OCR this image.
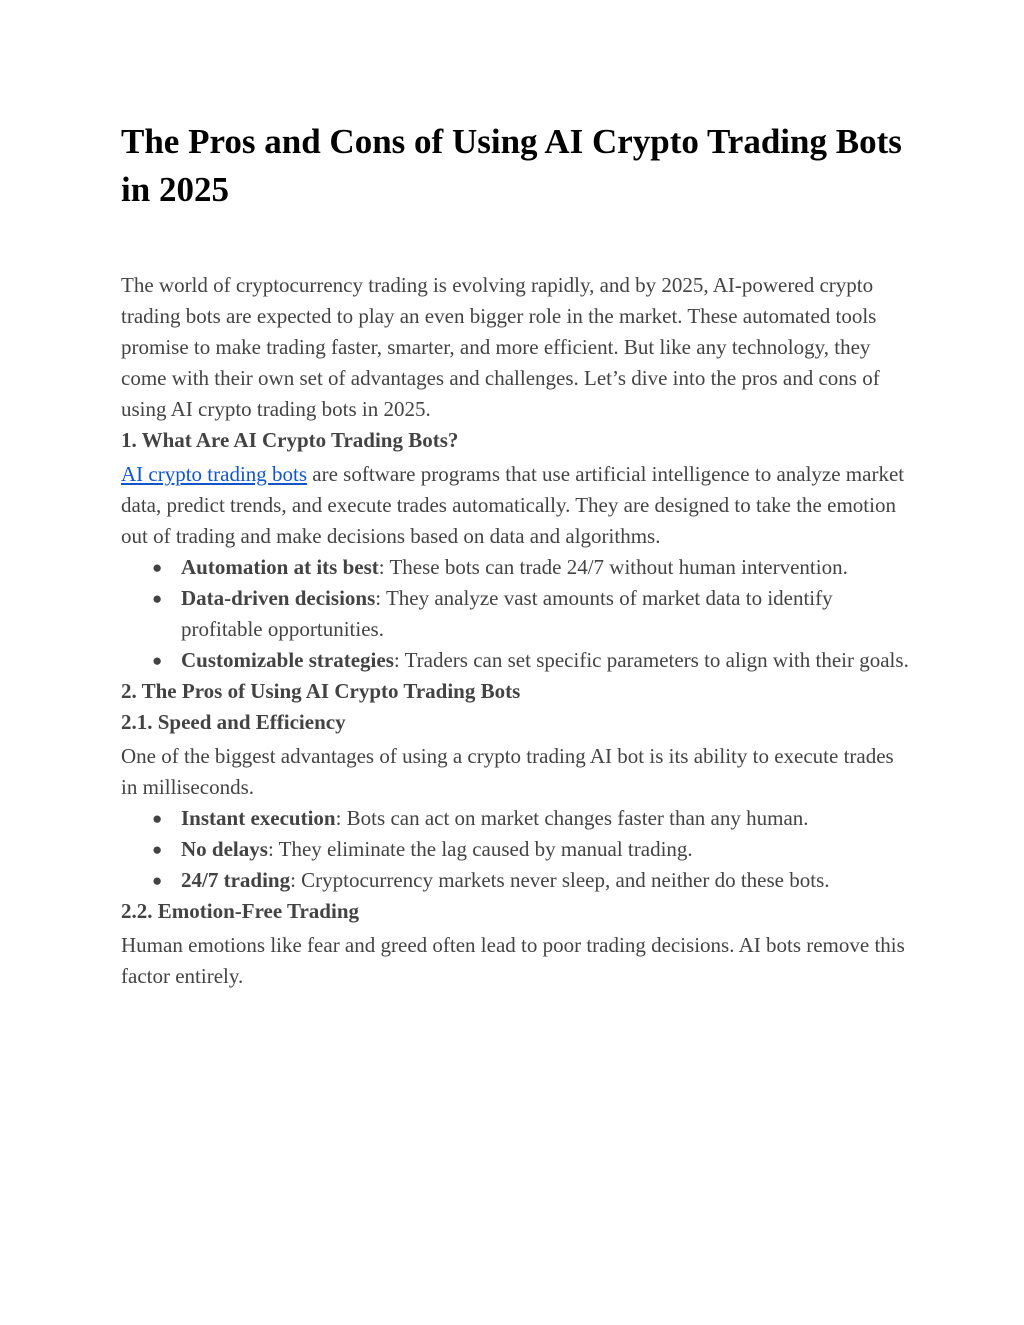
The Pros and Cons of Using AI Crypto Trading Bots in 2025

The world of cryptocurrency trading is evolving rapidly, and by 2025, AI-powered crypto trading bots are expected to play an even bigger role in the market. These automated tools promise to make trading faster, smarter, and more efficient. But like any technology, they come with their own set of advantages and challenges. Let’s dive into the pros and cons of using AI crypto trading bots in 2025.

1. What Are AI Crypto Trading Bots?

AI crypto trading bots are software programs that use artificial intelligence to analyze market data, predict trends, and execute trades automatically. They are designed to take the emotion out of trading and make decisions based on data and algorithms.

● Automation at its best: These bots can trade 24/7 without human intervention.
● Data-driven decisions: They analyze vast amounts of market data to identify profitable opportunities.
● Customizable strategies: Traders can set specific parameters to align with their goals.
2. The Pros of Using AI Crypto Trading Bots
2.1. Speed and Efficiency

One of the biggest advantages of using a crypto trading AI bot is its ability to execute trades in milliseconds.

● Instant execution: Bots can act on market changes faster than any human.
● No delays: They eliminate the lag caused by manual trading.
● 24/7 trading: Cryptocurrency markets never sleep, and neither do these bots.
2.2. Emotion-Free Trading

Human emotions like fear and greed often lead to poor trading decisions. AI bots remove this factor entirely.
